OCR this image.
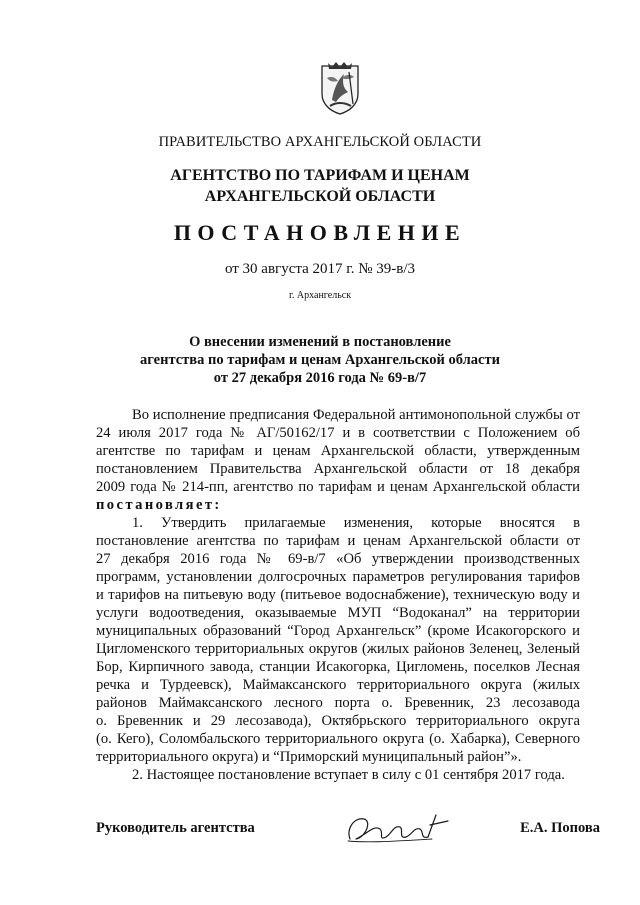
ПРАВИТЕЛЬСТВО АРХАНГЕЛЬСКОЙ ОБЛАСТИ
АГЕНТСТВО ПО ТАРИФАМ И ЦЕНАМ
АРХАНГЕЛЬСКОЙ ОБЛАСТИ
ПОСТАНОВЛЕНИЕ
от 30 августа 2017 г. № 39-в/3
г. Архангельск
О внесении изменений в постановление
агентства по тарифам и ценам Архангельской области
от 27 декабря 2016 года № 69-в/7
Во исполнение предписания Федеральной антимонопольной службы от
24 июля 2017 года № АГ/50162/17 и в соответствии с Положением об
агентстве по тарифам и ценам Архангельской области, утвержденным
постановлением Правительства Архангельской области от 18 декабря
2009 года № 214-пп, агентство по тарифам и ценам Архангельской области
постановляет:
1. Утвердить прилагаемые изменения, которые вносятся в
постановление агентства по тарифам и ценам Архангельской области от
27 декабря 2016 года № 69-в/7 «Об утверждении производственных
программ, установлении долгосрочных параметров регулирования тарифов
и тарифов на питьевую воду (питьевое водоснабжение), техническую воду и
услуги водоотведения, оказываемые МУП “Водоканал” на территории
муниципальных образований “Город Архангельск” (кроме Исакогорского и
Цигломенского территориальных округов (жилых районов Зеленец, Зеленый
Бор, Кирпичного завода, станции Исакогорка, Цигломень, поселков Лесная
речка и Турдеевск), Маймаксанского территориального округа (жилых
районов Маймаксанского лесного порта о. Бревенник, 23 лесозавода
о. Бревенник и 29 лесозавода), Октябрьского территориального округа
(о. Кего), Соломбальского территориального округа (о. Хабарка), Северного
территориального округа) и “Приморский муниципальный район”».
2. Настоящее постановление вступает в силу с 01 сентября 2017 года.
Руководитель агентства	Е.А. Попова
